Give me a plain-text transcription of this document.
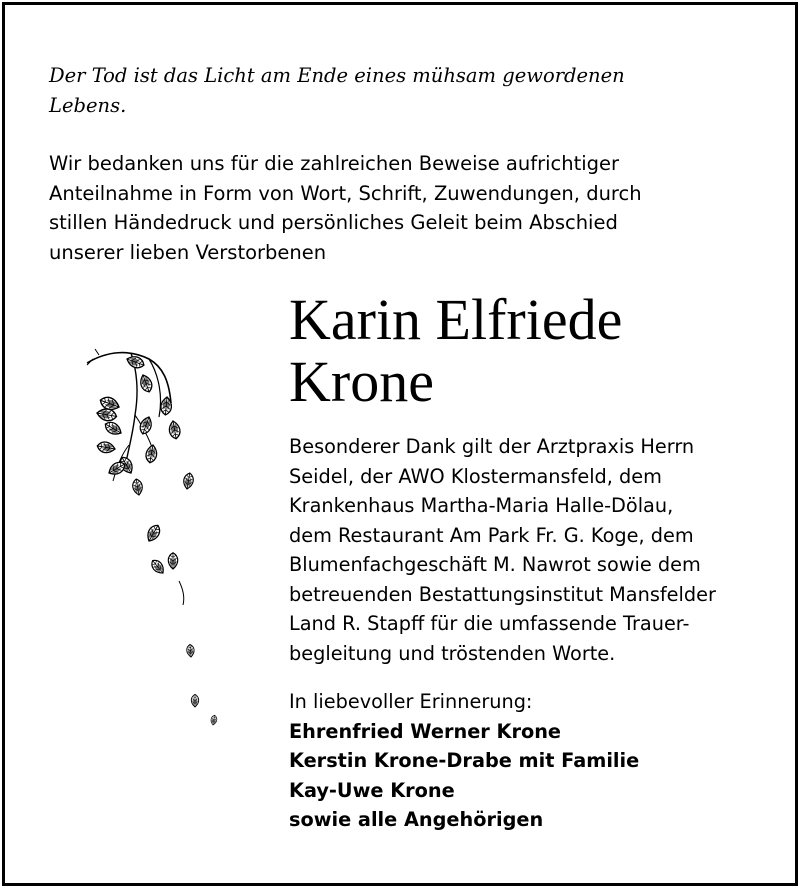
Der Tod ist das Licht am Ende eines mühsam gewordenen
Lebens.

Wir bedanken uns für die zahlreichen Beweise aufrichtiger
Anteilnahme in Form von Wort, Schrift, Zuwendungen, durch
stillen Händedruck und persönliches Geleit beim Abschied
unserer lieben Verstorbenen

Karin Elfriede
Krone

Besonderer Dank gilt der Arztpraxis Herrn
Seidel, der AWO Klostermansfeld, dem
Krankenhaus Martha-Maria Halle-Dölau,
dem Restaurant Am Park Fr. G. Koge, dem
Blumenfachgeschäft M. Nawrot sowie dem
betreuenden Bestattungsinstitut Mansfelder
Land R. Stapff für die umfassende Trauer-
begleitung und tröstenden Worte.

In liebevoller Erinnerung:
Ehrenfried Werner Krone
Kerstin Krone-Drabe mit Familie
Kay-Uwe Krone
sowie alle Angehörigen
